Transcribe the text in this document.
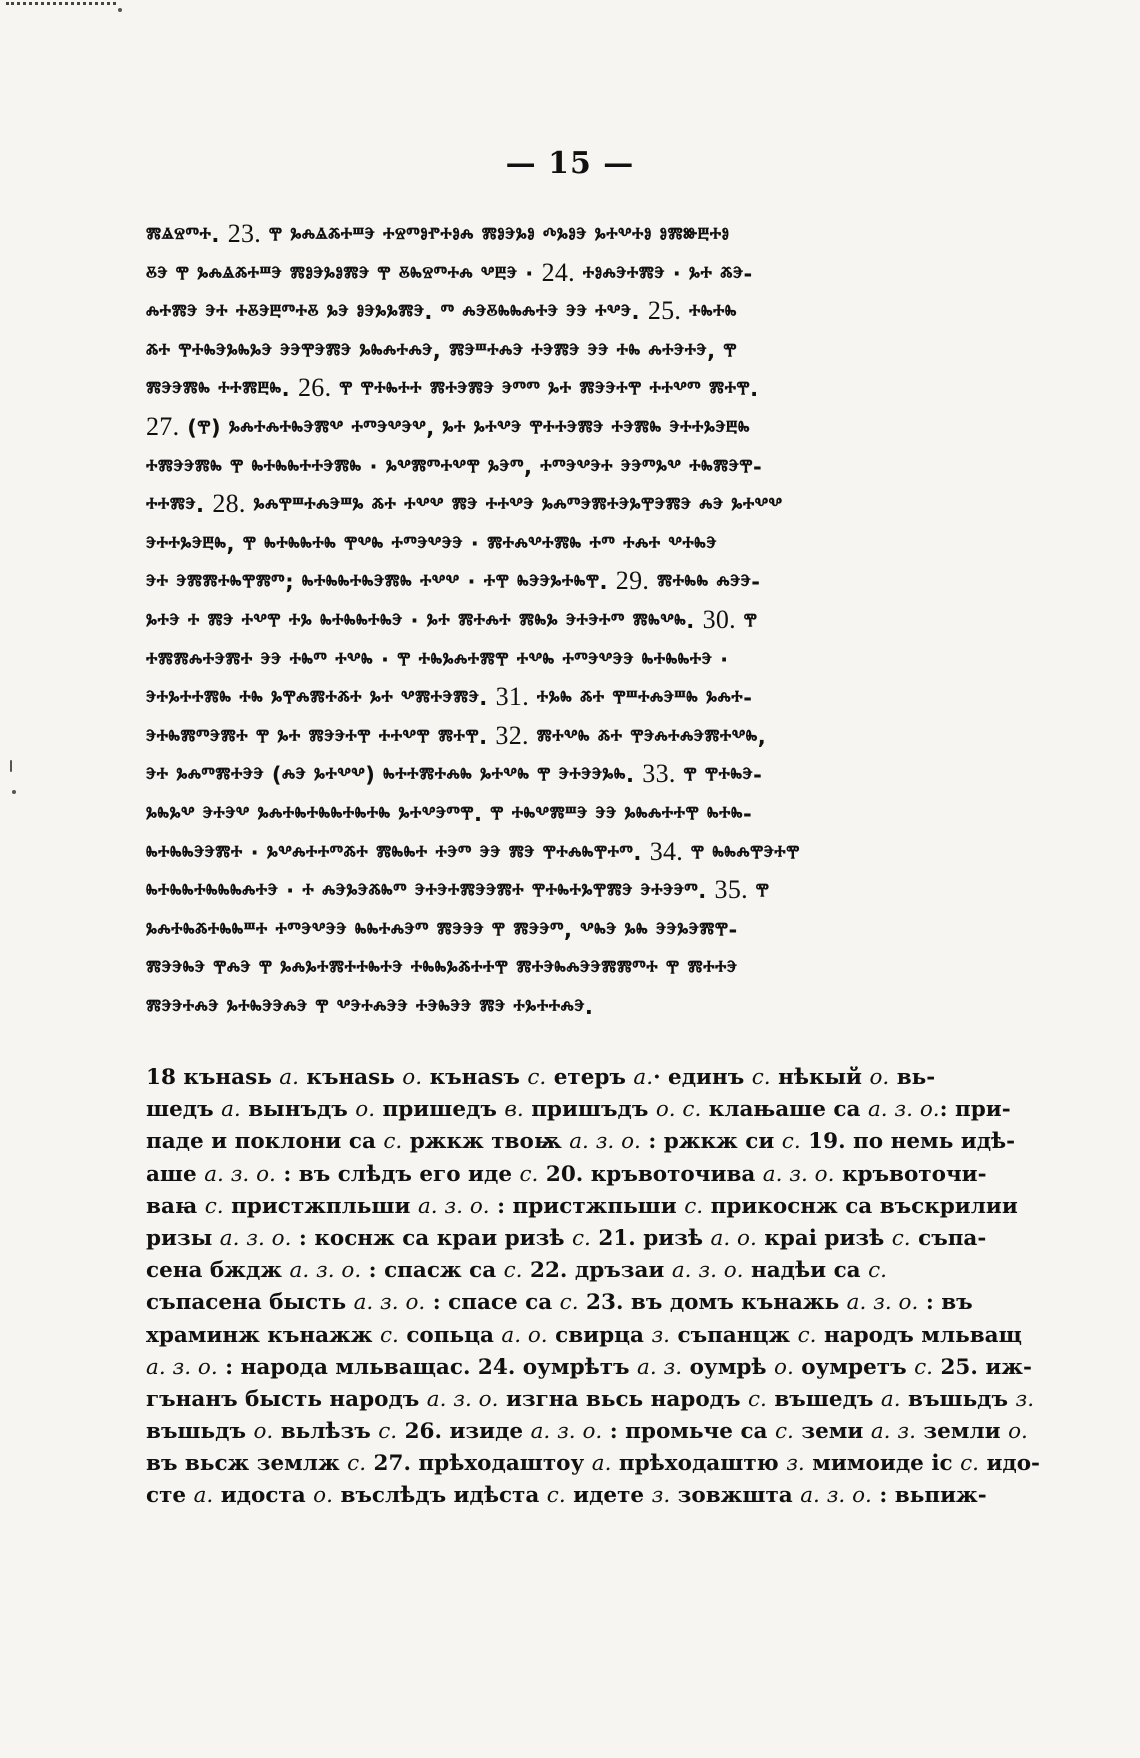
— 15 —
ⰿⱑⱄⱅⰰ. 23. ⰹ ⰳⰾⱑⰶⰰⱎⰵ ⰰⱄⱅⱁⱂⰰⱁⰾ ⰿⱁⰵⰳⱁ ⰴⰳⱁⰵ ⰳⰰⰲⰰⱁ ⱁⰿⱆⰱⰰⱁ
ⰻⰵ ⰹ ⰳⰾⱑⰶⰰⱎⰵ ⰿⱁⰵⰳⱁⰿⰵ ⰹ ⰻⰸⱄⱅⰰⰾ ⰲⰱⰵ · 24. ⰰⱁⰾⰵⰰⰿⰵ · ⰳⰰ ⰶⰵ-
ⰾⰰⰿⰵ ⰵⰰ ⰰⰻⰵⰱⱅⰰⰻ ⰳⰵ ⱁⰵⰳⰳⰿⰵ. ⱅ ⰾⰵⰻⰸⰸⰾⰰⰵ ⰵⰵ ⰰⰲⰵ. 25. ⰰⰸⰰⰸ
ⰶⰰ ⰹⰰⰸⰵⰳⰸⰳⰵ ⰵⰵⰹⰵⰿⰵ ⰳⰸⰾⰰⰾⰵ, ⰿⰵⱎⰰⰾⰵ ⰰⰵⰿⰵ ⰵⰵ ⰰⰸ ⰾⰰⰵⰰⰵ, ⰹ
ⰿⰵⰵⰿⰸ ⰰⰰⰿⰱⰸ. 26. ⰹ ⰹⰰⰸⰰⰰ ⰿⰰⰵⰿⰵ ⰵⱅⱅ ⰳⰰ ⰿⰵⰵⰰⰹ ⰰⰰⰲⱅ ⰿⰰⰹ.
27. (ⰹ) ⰳⰾⰰⰾⰰⰸⰵⰿⰲ ⰰⱅⰵⰲⰵⰲ, ⰳⰰ ⰳⰰⰲⰵ ⰹⰰⰰⰵⰿⰵ ⰰⰵⰿⰸ ⰵⰰⰰⰳⰵⰱⰸ
ⰰⰿⰵⰵⰿⰸ ⰹ ⰸⰰⰸⰸⰰⰰⰵⰿⰸ · ⰳⰲⰿⱅⰰⰲⰹ ⰳⰵⱅ, ⰰⱅⰵⰲⰵⰰ ⰵⰵⱅⰳⰲ ⰰⰸⰿⰵⰹ-
ⰰⰰⰿⰵ. 28. ⰳⰾⰹⱎⰰⰾⰵⱎⰳ ⰶⰰ ⰰⰲⰲ ⰿⰵ ⰰⰰⰲⰵ ⰳⰾⱅⰵⰿⰰⰵⰳⰹⰵⰿⰵ ⰾⰵ ⰳⰰⰲⰲ
ⰵⰰⰰⰳⰵⰱⰸ, ⰹ ⰸⰰⰸⰸⰰⰸ ⰹⰲⰸ ⰰⱅⰵⰲⰵⰵ · ⰿⰰⰾⰲⰰⰿⰸ ⰰⱅ ⰰⰾⰰ ⰲⰰⰸⰵ
ⰵⰰ ⰵⰿⰿⰰⰸⰹⰿⱅ; ⰸⰰⰸⰸⰰⰸⰵⰿⰸ ⰰⰲⰲ · ⰰⰹ ⰸⰵⰵⰳⰰⰸⰹ. 29. ⰿⰰⰸⰸ ⰾⰵⰵ-
ⰳⰰⰵ ⰰ ⰿⰵ ⰰⰲⰹ ⰰⰳ ⰸⰰⰸⰸⰰⰸⰵ · ⰳⰰ ⰿⰰⰾⰰ ⰿⰸⰳ ⰵⰰⰵⰰⱅ ⰿⰸⰲⰸ. 30. ⰹ
ⰰⰿⰿⰾⰰⰵⰿⰰ ⰵⰵ ⰰⰸⱅ ⰰⰲⰸ · ⰹ ⰰⰸⰳⰾⰰⰿⰹ ⰰⰲⰸ ⰰⱅⰵⰲⰵⰵ ⰸⰰⰸⰸⰰⰵ ·
ⰵⰰⰳⰰⰰⰿⰸ ⰰⰸ ⰳⰹⰾⰿⰰⰶⰰ ⰳⰰ ⰲⰿⰰⰵⰿⰵ. 31. ⰰⰳⰸ ⰶⰰ ⰹⱎⰰⰾⰵⱎⰸ ⰳⰾⰰ-
ⰵⰰⰸⰿⱅⰵⰿⰰ ⰹ ⰳⰰ ⰿⰵⰵⰰⰹ ⰰⰰⰲⰹ ⰿⰰⰹ. 32. ⰿⰰⰲⰸ ⰶⰰ ⰹⰵⰾⰰⰾⰵⰿⰰⰲⰸ,
ⰵⰰ ⰳⰾⱅⰿⰰⰵⰵ (ⰾⰵ ⰳⰰⰲⰲ) ⰸⰰⰰⰿⰰⰾⰸ ⰳⰰⰲⰸ ⰹ ⰵⰰⰵⰵⰳⰸ. 33. ⰹ ⰹⰰⰸⰵ-
ⰳⰸⰳⰲ ⰵⰰⰵⰲ ⰳⰾⰰⰸⰰⰸⰸⰰⰸⰰⰸ ⰳⰰⰲⰵⱅⰹ. ⰹ ⰰⰸⰲⰿⱎⰵ ⰵⰵ ⰳⰸⰾⰰⰰⰹ ⰸⰰⰸ-
ⰸⰰⰸⰸⰵⰵⰿⰰ · ⰳⰲⰾⰰⰰⱅⰶⰰ ⰿⰸⰸⰰ ⰰⰵⱅ ⰵⰵ ⰿⰵ ⰹⰰⰾⰸⰹⰰⱅ. 34. ⰹ ⰸⰸⰾⰹⰵⰰⰹ
ⰸⰰⰸⰸⰰⰸⰸⰸⰾⰰⰵ · ⰰ ⰾⰵⰳⰵⰶⰸⱅ ⰵⰰⰵⰰⰿⰵⰵⰿⰰ ⰹⰰⰸⰰⰳⰹⰿⰵ ⰵⰰⰵⰵⱅ. 35. ⰹ
ⰳⰾⰰⰸⰶⰰⰸⰸⱎⰰ ⰰⱅⰵⰲⰵⰵ ⰸⰸⰰⰾⰵⱅ ⰿⰵⰵⰵ ⰹ ⰿⰵⰵⱅ, ⰲⰸⰵ ⰳⰸ ⰵⰵⰳⰵⰿⰹ-
ⰿⰵⰵⰸⰵ ⰹⰾⰵ ⰹ ⰳⰾⰳⰰⰿⰰⰰⰸⰰⰵ ⰰⰸⰸⰳⰶⰰⰰⰹ ⰿⰰⰵⰸⰾⰵⰵⰿⰿⱅⰰ ⰹ ⰿⰰⰰⰵ
ⰿⰵⰵⰰⰾⰵ ⰳⰰⰸⰵⰵⰾⰵ ⰹ ⰲⰵⰰⰾⰵⰵ ⰰⰵⰸⰵⰵ ⰿⰵ ⰰⰳⰰⰰⰾⰵ.
18 кънаѕь а. кънаѕь о. кънаѕъ с. етеръ а.· единъ с. нѣкый о. вь-
шедъ а. вынъдъ о. пришедъ в. пришъдъ о. с. клањаше ca а. з. о.: при-
паде и поклони ca с. ржкж твоѭ а. з. о. : ржкж си с. 19. по немь идѣ-
аше а. з. о. : въ слѣдъ его иде с. 20. кръвоточива а. з. о. кръвоточи-
ваꙗ с. пристжпльши а. з. о. : пристжпьши с. прикоснж ca въскрилии
ризы а. з. о. : коснж ca краи ризѣ с. 21. ризѣ а. о. краі ризѣ с. съпа-
сена бждж а. з. о. : спасж ca с. 22. дръзаи а. з. о. надѣи ca с.
съпасена бысть а. з. о. : спасе ca с. 23. въ домъ кънажь а. з. о. : въ
храминж кънажж с. сопьца а. о. свирца з. съпанцж с. народъ мльващ
а. з. о. : народа мльващас. 24. оумрѣтъ а. з. оумрѣ о. оумретъ с. 25. иж-
гънанъ бысть народъ а. з. о. изгна вьсь народъ с. въшедъ а. въшьдъ з.
въшьдъ о. вьлѣзъ с. 26. изиде а. з. о. : промьче ca с. земи а. з. земли о.
въ вьсж землж с. 27. прѣходаштоу а. прѣходаштю з. мимоиде іс с. идо-
сте а. идоста о. въслѣдъ идѣста с. идете з. зовжшта а. з. о. : вьпиж-
